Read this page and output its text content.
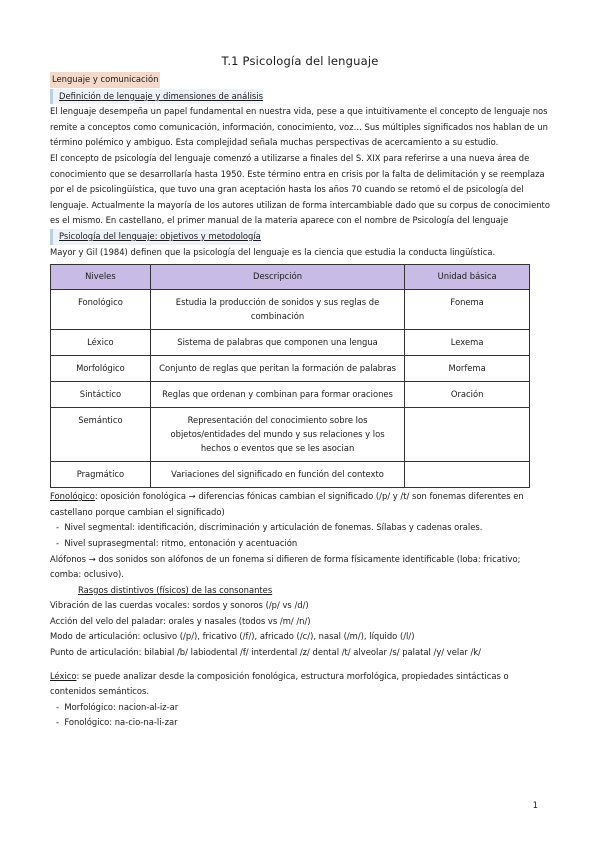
T.1 Psicología del lenguaje
Lenguaje y comunicación
Definición de lenguaje y dimensiones de análisis

El lenguaje desempeña un papel fundamental en nuestra vida, pese a que intuitivamente el concepto de lenguaje nos remite a conceptos como comunicación, información, conocimiento, voz… Sus múltiples significados nos hablan de un término polémico y ambiguo. Esta complejidad señala muchas perspectivas de acercamiento a su estudio.

El concepto de psicología del lenguaje comenzó a utilizarse a finales del S. XIX para referirse a una nueva área de conocimiento que se desarrollaría hasta 1950. Este término entra en crisis por la falta de delimitación y se reemplaza por el de psicolingüística, que tuvo una gran aceptación hasta los años 70 cuando se retomó el de psicología del lenguaje. Actualmente la mayoría de los autores utilizan de forma intercambiable dado que su corpus de conocimiento es el mismo. En castellano, el primer manual de la materia aparece con el nombre de Psicología del lenguaje

Psicología del lenguaje: objetivos y metodología

Mayor y Gil (1984) definen que la psicología del lenguaje es la ciencia que estudia la conducta lingüística.

Niveles	Descripción	Unidad básica
Fonológico	Estudia la producción de sonidos y sus reglas de combinación	Fonema
Léxico	Sistema de palabras que componen una lengua	Lexema
Morfológico	Conjunto de reglas que peritan la formación de palabras	Morfema
Sintáctico	Reglas que ordenan y combinan para formar oraciones	Oración
Semántico	Representación del conocimiento sobre los objetos/entidades del mundo y sus relaciones y los hechos o eventos que se les asocian	
Pragmático	Variaciones del significado en función del contexto	

Fonológico: oposición fonológica → diferencias fónicas cambian el significado (/p/ y /t/ son fonemas diferentes en castellano porque cambian el significado)

-  Nivel segmental: identificación, discriminación y articulación de fonemas. Sílabas y cadenas orales.
-  Nivel suprasegmental: ritmo, entonación y acentuación

Alófonos → dos sonidos son alófonos de un fonema si difieren de forma físicamente identificable (loba: fricativo; comba: oclusivo).

Rasgos distintivos (físicos) de las consonantes
Vibración de las cuerdas vocales: sordos y sonoros (/p/ vs /d/)
Acción del velo del paladar: orales y nasales (todos vs /m/ /n/)
Modo de articulación: oclusivo (/p/), fricativo (/f/), africado (/c/), nasal (/m/), líquido (/l/)
Punto de articulación: bilabial /b/ labiodental /f/ interdental /z/ dental /t/ alveolar /s/ palatal /y/ velar /k/

Léxico: se puede analizar desde la composición fonológica, estructura morfológica, propiedades sintácticas o contenidos semánticos.

-  Morfológico: nacion-al-iz-ar
-  Fonológico: na-cio-na-li-zar
1
